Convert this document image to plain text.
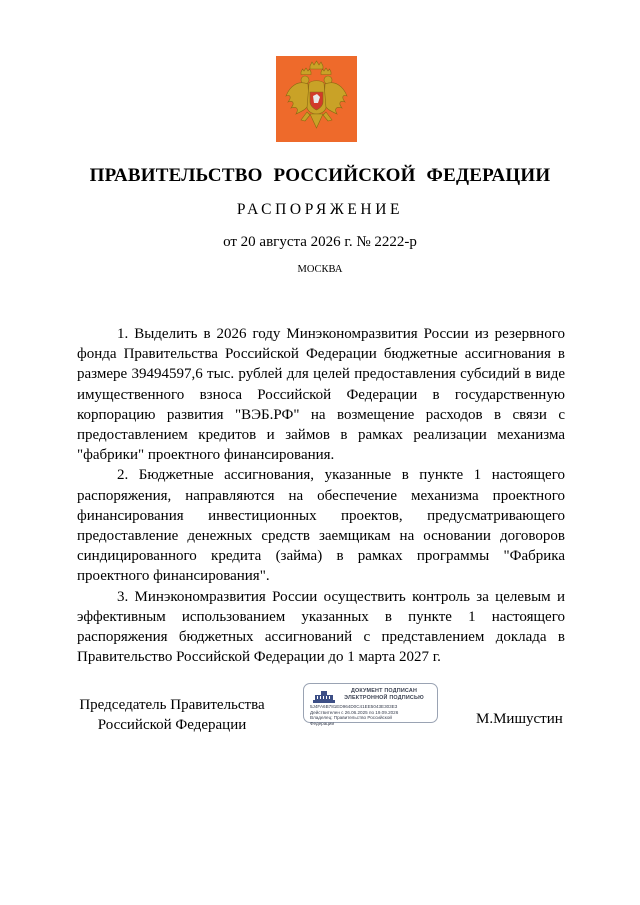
ПРАВИТЕЛЬСТВО РОССИЙСКОЙ ФЕДЕРАЦИИ
РАСПОРЯЖЕНИЕ
от 20 августа 2026 г. № 2222-р
МОСКВА

1. Выделить в 2026 году Минэкономразвития России из резервного фонда Правительства Российской Федерации бюджетные ассигнования в размере 39494597,6 тыс. рублей для целей предоставления субсидий в виде имущественного взноса Российской Федерации в государственную корпорацию развития "ВЭБ.РФ" на возмещение расходов в связи с предоставлением кредитов и займов в рамках реализации механизма "фабрики" проектного финансирования.

2. Бюджетные ассигнования, указанные в пункте 1 настоящего распоряжения, направляются на обеспечение механизма проектного финансирования инвестиционных проектов, предусматривающего предоставление денежных средств заемщикам на основании договоров синдицированного кредита (займа) в рамках программы "Фабрика проектного финансирования".

3. Минэкономразвития России осуществить контроль за целевым и эффективным использованием указанных в пункте 1 настоящего распоряжения бюджетных ассигнований с представлением доклада в Правительство Российской Федерации до 1 марта 2027 г.

Председатель Правительства
Российской Федерации
ДОКУМЕНТ ПОДПИСАН
ЭЛЕКТРОННОЙ ПОДПИСЬЮ
5J4FA6B781ED964D0C41EE5043E303E3
Действителен с 26.06.2025 по 19.09.2026
Владелец: Правительство Российской
Федерации	М.Мишустин
